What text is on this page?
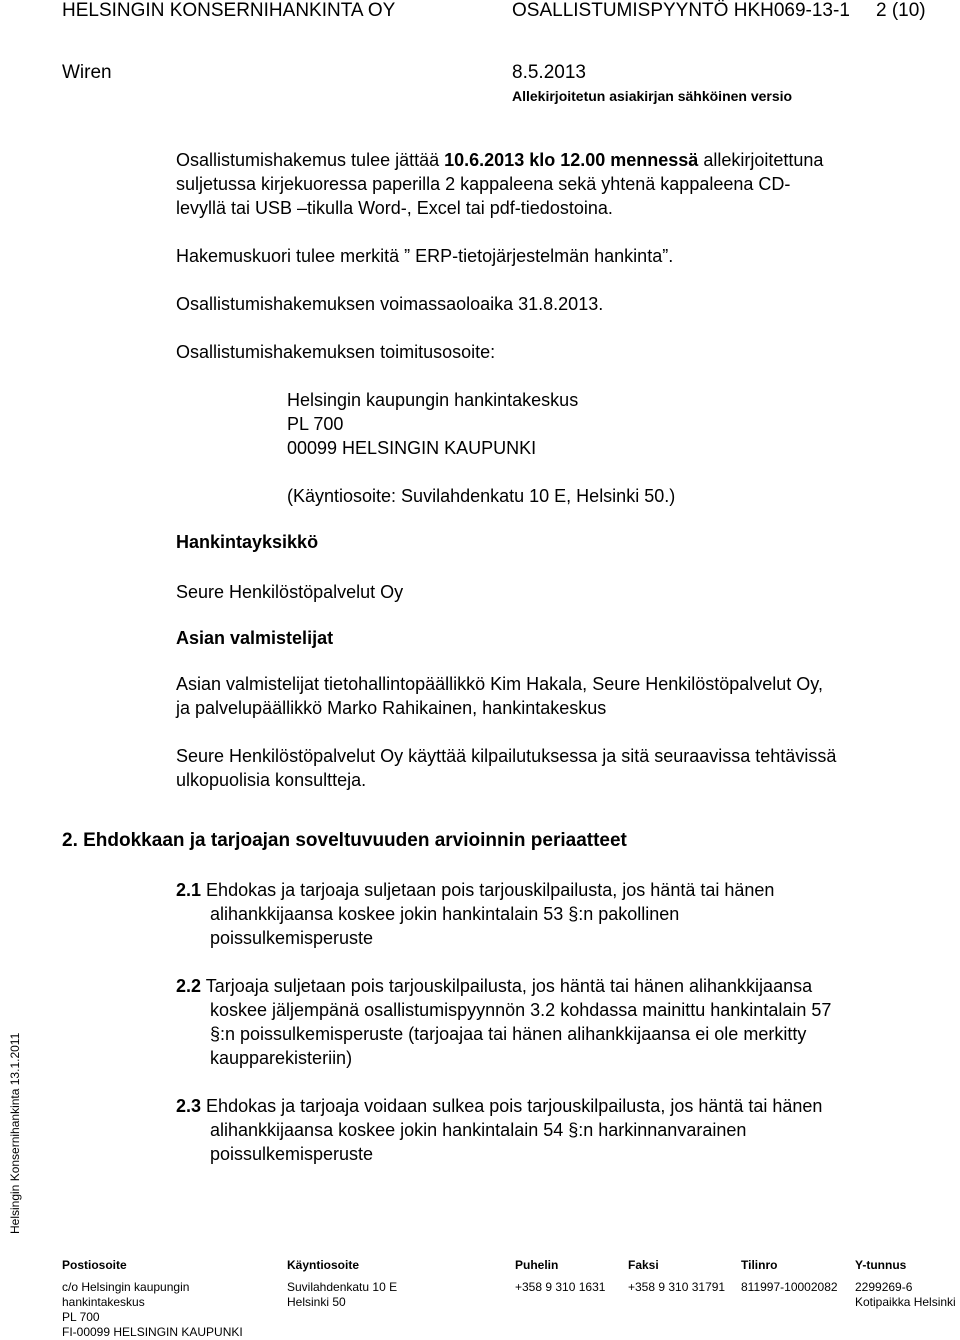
HELSINGIN KONSERNIHANKINTA OY	OSALLISTUMISPYYNTÖ HKH069-13-1 2 (10)
Wiren	8.5.2013
Allekirjoitetun asiakirjan sähköinen versio
Osallistumishakemus tulee jättää 10.6.2013 klo 12.00 mennessä allekirjoitettuna
suljetussa kirjekuoressa paperilla 2 kappaleena sekä yhtenä kappaleena CD-
levyllä tai USB –tikulla Word-, Excel tai pdf-tiedostoina.
Hakemuskuori tulee merkitä ” ERP-tietojärjestelmän hankinta”.
Osallistumishakemuksen voimassaoloaika 31.8.2013.
Osallistumishakemuksen toimitusosoite:
Helsingin kaupungin hankintakeskus
PL 700
00099 HELSINGIN KAUPUNKI
(Käyntiosoite: Suvilahdenkatu 10 E, Helsinki 50.)
Hankintayksikkö
Seure Henkilöstöpalvelut Oy
Asian valmistelijat
Asian valmistelijat tietohallintopäällikkö Kim Hakala, Seure Henkilöstöpalvelut Oy,
ja palvelupäällikkö Marko Rahikainen, hankintakeskus
Seure Henkilöstöpalvelut Oy käyttää kilpailutuksessa ja sitä seuraavissa tehtävissä
ulkopuolisia konsultteja.
2. Ehdokkaan ja tarjoajan soveltuvuuden arvioinnin periaatteet
2.1 Ehdokas ja tarjoaja suljetaan pois tarjouskilpailusta, jos häntä tai hänen
alihankkijaansa koskee jokin hankintalain 53 §:n pakollinen
poissulkemisperuste
2.2 Tarjoaja suljetaan pois tarjouskilpailusta, jos häntä tai hänen alihankkijaansa
koskee jäljempänä osallistumispyynnön 3.2 kohdassa mainittu hankintalain 57
§:n poissulkemisperuste (tarjoajaa tai hänen alihankkijaansa ei ole merkitty
kaupparekisteriin)
2.3 Ehdokas ja tarjoaja voidaan sulkea pois tarjouskilpailusta, jos häntä tai hänen
alihankkijaansa koskee jokin hankintalain 54 §:n harkinnanvarainen
poissulkemisperuste
Helsingin Konsernihankinta 13.1.2011
Postiosoite
c/o Helsingin kaupungin
hankintakeskus
PL 700
FI-00099 HELSINGIN KAUPUNKI
Käyntiosoite
Suvilahdenkatu 10 E
Helsinki 50
Puhelin
+358 9 310 1631
Faksi
+358 9 310 31791
Tilinro
811997-10002082
Y-tunnus
2299269-6
Kotipaikka Helsinki
